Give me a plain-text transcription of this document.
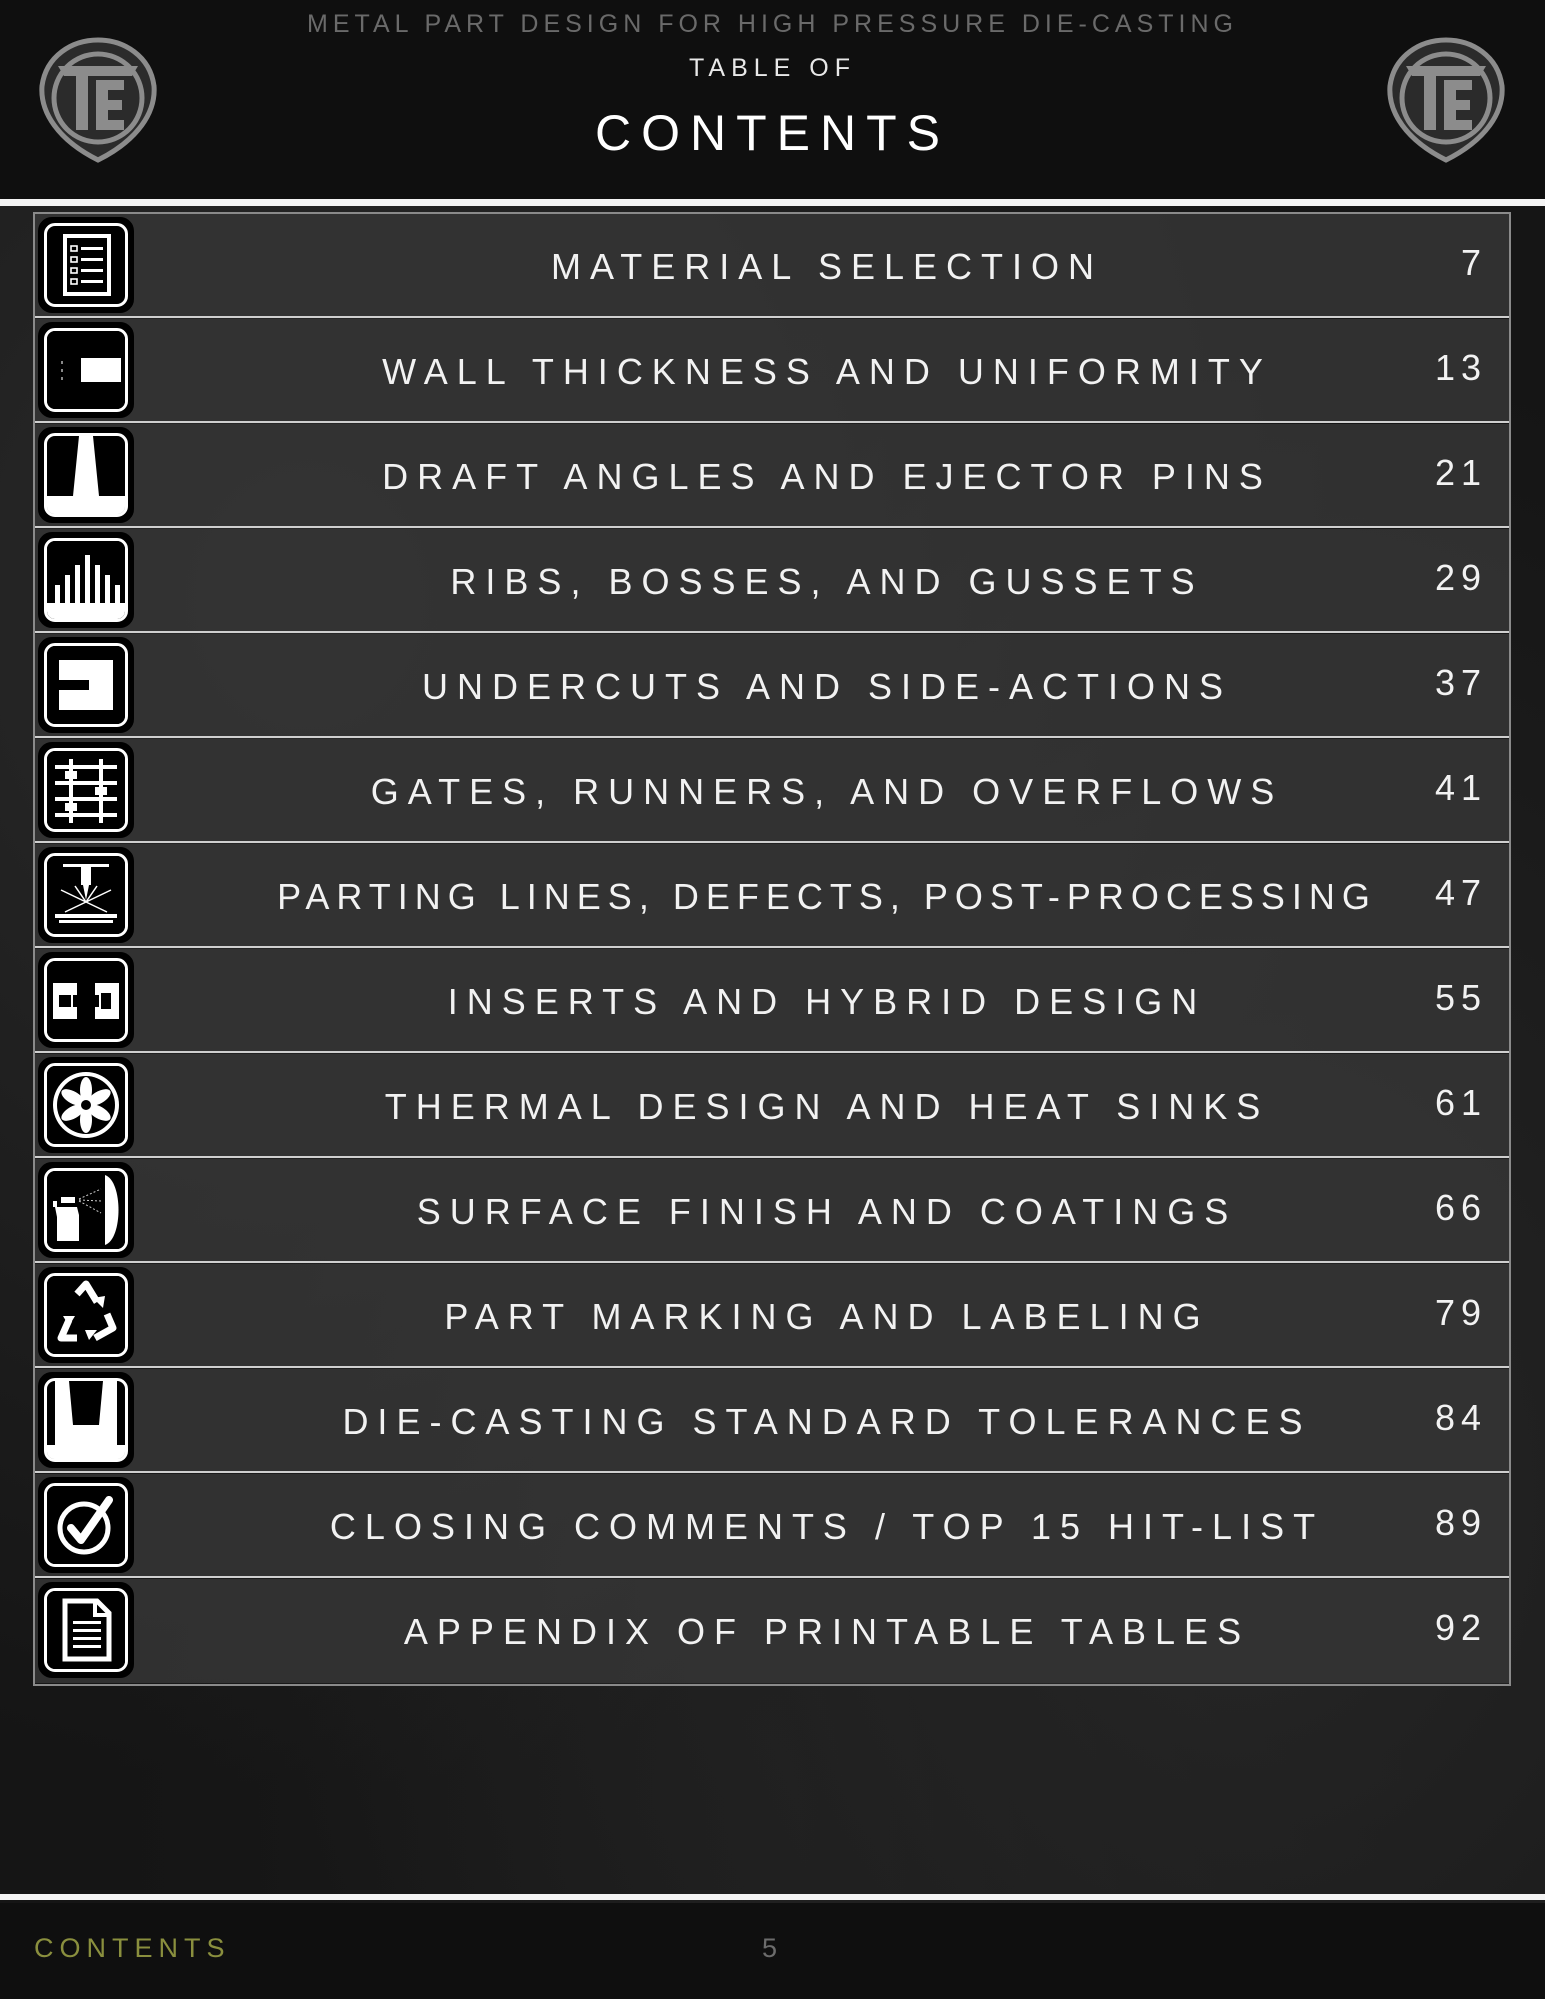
METAL PART DESIGN FOR HIGH PRESSURE DIE-CASTING
TABLE OF
CONTENTS
MATERIAL SELECTION	7
WALL THICKNESS AND UNIFORMITY	13
DRAFT ANGLES AND EJECTOR PINS	21
RIBS, BOSSES, AND GUSSETS	29
UNDERCUTS AND SIDE-ACTIONS	37
GATES, RUNNERS, AND OVERFLOWS	41
PARTING LINES, DEFECTS, POST-PROCESSING	47
INSERTS AND HYBRID DESIGN	55
THERMAL DESIGN AND HEAT SINKS	61
SURFACE FINISH AND COATINGS	66
PART MARKING AND LABELING	79
DIE-CASTING STANDARD TOLERANCES	84
CLOSING COMMENTS / TOP 15 HIT-LIST	89
APPENDIX OF PRINTABLE TABLES	92
CONTENTS	5
